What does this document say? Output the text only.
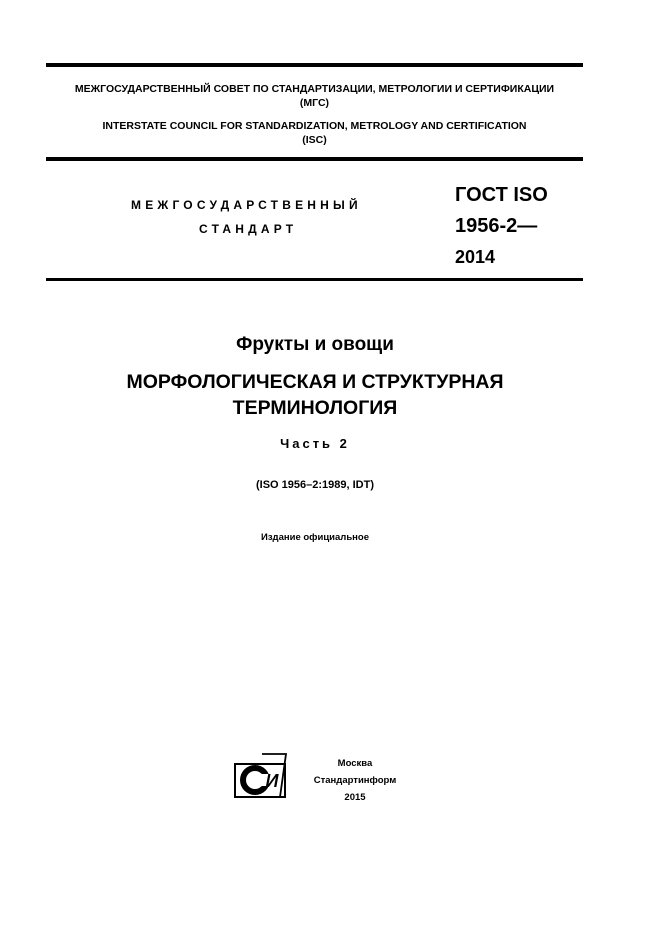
МЕЖГОСУДАРСТВЕННЫЙ СОВЕТ ПО СТАНДАРТИЗАЦИИ, МЕТРОЛОГИИ И СЕРТИФИКАЦИИ
(МГС)
INTERSTATE COUNCIL FOR STANDARDIZATION, METROLOGY AND CERTIFICATION
(ISC)
МЕЖГОСУДАРСТВЕННЫЙ
СТАНДАРТ
ГОСТ ISO
1956-2—
2014
Фрукты и овощи
МОРФОЛОГИЧЕСКАЯ И СТРУКТУРНАЯ
ТЕРМИНОЛОГИЯ
Часть 2
(ISO 1956–2:1989, IDT)
Издание официальное
И
Москва
Стандартинформ
2015
